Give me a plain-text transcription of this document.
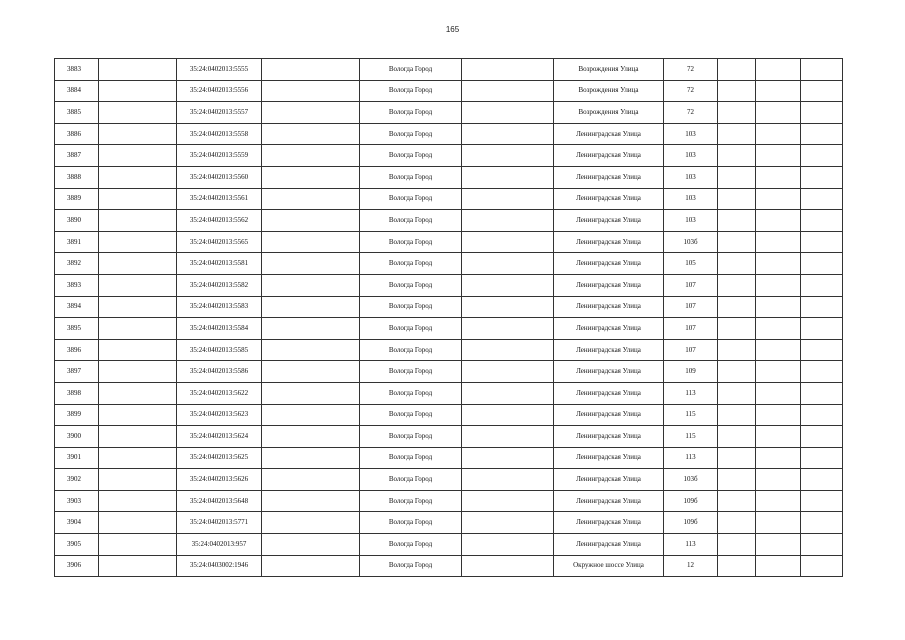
165
3883		35:24:0402013:5555		Вологда Город		Возрождения Улица	72			
3884		35:24:0402013:5556		Вологда Город		Возрождения Улица	72			
3885		35:24:0402013:5557		Вологда Город		Возрождения Улица	72			
3886		35:24:0402013:5558		Вологда Город		Ленинградская Улица	103			
3887		35:24:0402013:5559		Вологда Город		Ленинградская Улица	103			
3888		35:24:0402013:5560		Вологда Город		Ленинградская Улица	103			
3889		35:24:0402013:5561		Вологда Город		Ленинградская Улица	103			
3890		35:24:0402013:5562		Вологда Город		Ленинградская Улица	103			
3891		35:24:0402013:5565		Вологда Город		Ленинградская Улица	103б			
3892		35:24:0402013:5581		Вологда Город		Ленинградская Улица	105			
3893		35:24:0402013:5582		Вологда Город		Ленинградская Улица	107			
3894		35:24:0402013:5583		Вологда Город		Ленинградская Улица	107			
3895		35:24:0402013:5584		Вологда Город		Ленинградская Улица	107			
3896		35:24:0402013:5585		Вологда Город		Ленинградская Улица	107			
3897		35:24:0402013:5586		Вологда Город		Ленинградская Улица	109			
3898		35:24:0402013:5622		Вологда Город		Ленинградская Улица	113			
3899		35:24:0402013:5623		Вологда Город		Ленинградская Улица	115			
3900		35:24:0402013:5624		Вологда Город		Ленинградская Улица	115			
3901		35:24:0402013:5625		Вологда Город		Ленинградская Улица	113			
3902		35:24:0402013:5626		Вологда Город		Ленинградская Улица	103б			
3903		35:24:0402013:5648		Вологда Город		Ленинградская Улица	109б			
3904		35:24:0402013:5771		Вологда Город		Ленинградская Улица	109б			
3905		35:24:0402013:957		Вологда Город		Ленинградская Улица	113			
3906		35:24:0403002:1946		Вологда Город		Окружное шоссе Улица	12			
